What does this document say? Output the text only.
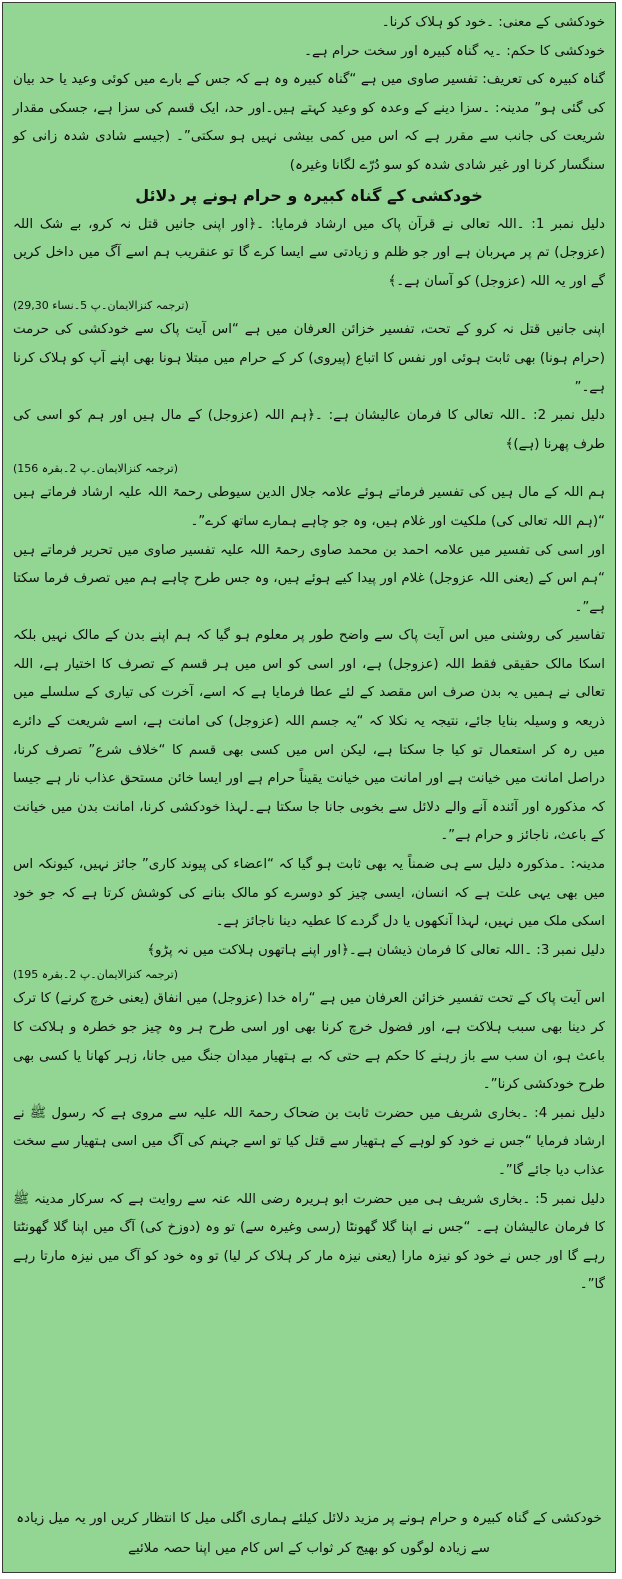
خودکشی کے معنی: ۔خود کو ہلاک کرنا۔

خودکشی کا حکم: ۔یہ گناہ کبیرہ اور سخت حرام ہے۔

گناہ کبیرہ کی تعریف: تفسیر صاوی میں ہے “گناہ کبیرہ وہ ہے کہ جس کے بارے میں کوئی وعید یا حد بیان کی گئی ہو” مدینہ: ۔سزا دینے کے وعدہ کو وعید کہتے ہیں۔اور حد، ایک قسم کی سزا ہے، جسکی مقدار شریعت کی جانب سے مقرر ہے کہ اس میں کمی بیشی نہیں ہو سکتی”۔ (جیسے شادی شدہ زانی کو سنگسار کرنا اور غیر شادی شدہ کو سو دُرّے لگانا وغیرہ)

خودکشی کے گناہ کبیرہ و حرام ہونے پر دلائل

دلیل نمبر 1: ۔اللہ تعالی نے قرآن پاک میں ارشاد فرمایا: ۔﴿اور اپنی جانیں قتل نہ کرو، بے شک اللہ (عزوجل) تم پر مہربان ہے اور جو ظلم و زیادتی سے ایسا کرے گا تو عنقریب ہم اسے آگ میں داخل کریں گے اور یہ اللہ (عزوجل) کو آسان ہے۔﴾

(ترجمہ کنزالایمان۔پ 5۔نساء 29,30)

اپنی جانیں قتل نہ کرو کے تحت، تفسیر خزائن العرفان میں ہے “اس آیت پاک سے خودکشی کی حرمت (حرام ہونا) بھی ثابت ہوئی اور نفس کا اتباع (پیروی) کر کے حرام میں مبتلا ہونا بھی اپنے آپ کو ہلاک کرنا ہے۔”

دلیل نمبر 2: ۔اللہ تعالی کا فرمان عالیشان ہے: ۔﴿ہم اللہ (عزوجل) کے مال ہیں اور ہم کو اسی کی طرف پھرنا (ہے)﴾

(ترجمہ کنزالایمان۔پ 2۔بقرہ 156)

ہم اللہ کے مال ہیں کی تفسیر فرماتے ہوئے علامہ جلال الدین سیوطی رحمۃ اللہ علیہ ارشاد فرماتے ہیں “(ہم اللہ تعالی کی) ملکیت اور غلام ہیں، وہ جو چاہے ہمارے ساتھ کرے”۔

اور اسی کی تفسیر میں علامہ احمد بن محمد صاوی رحمۃ اللہ علیہ تفسیر صاوی میں تحریر فرماتے ہیں “ہم اس کے (یعنی اللہ عزوجل) غلام اور پیدا کیے ہوئے ہیں، وہ جس طرح چاہے ہم میں تصرف فرما سکتا ہے”۔

تفاسیر کی روشنی میں اس آیت پاک سے واضح طور پر معلوم ہو گیا کہ ہم اپنے بدن کے مالک نہیں بلکہ اسکا مالک حقیقی فقط اللہ (عزوجل) ہے، اور اسی کو اس میں ہر قسم کے تصرف کا اختیار ہے، اللہ تعالی نے ہمیں یہ بدن صرف اس مقصد کے لئے عطا فرمایا ہے کہ اسے، آخرت کی تیاری کے سلسلے میں ذریعہ و وسیلہ بنایا جائے، نتیجہ یہ نکلا کہ “یہ جسم اللہ (عزوجل) کی امانت ہے، اسے شریعت کے دائرے میں رہ کر استعمال تو کیا جا سکتا ہے، لیکن اس میں کسی بھی قسم کا “خلاف شرع” تصرف کرنا، دراصل امانت میں خیانت ہے اور امانت میں خیانت یقیناً حرام ہے اور ایسا خائن مستحق عذاب نار ہے جیسا کہ مذکورہ اور آئندہ آنے والے دلائل سے بخوبی جانا جا سکتا ہے۔لہذا خودکشی کرنا، امانت بدن میں خیانت کے باعث، ناجائز و حرام ہے”۔

مدینہ: ۔مذکورہ دلیل سے ہی ضمناً یہ بھی ثابت ہو گیا کہ “اعضاء کی پیوند کاری” جائز نہیں، کیونکہ اس میں بھی یہی علت ہے کہ انسان، ایسی چیز کو دوسرے کو مالک بنانے کی کوشش کرتا ہے کہ جو خود اسکی ملک میں نہیں، لہذا آنکھوں یا دل گردے کا عطیہ دینا ناجائز ہے۔

دلیل نمبر 3: ۔اللہ تعالی کا فرمان ذیشان ہے۔﴿اور اپنے ہاتھوں ہلاکت میں نہ پڑو﴾

(ترجمہ کنزالایمان۔پ 2۔بقرہ 195)

اس آیت پاک کے تحت تفسیر خزائن العرفان میں ہے “راہ خدا (عزوجل) میں انفاق (یعنی خرچ کرنے) کا ترک کر دینا بھی سبب ہلاکت ہے، اور فضول خرچ کرنا بھی اور اسی طرح ہر وہ چیز جو خطرہ و ہلاکت کا باعث ہو، ان سب سے باز رہنے کا حکم ہے حتی کہ بے ہتھیار میدان جنگ میں جانا، زہر کھانا یا کسی بھی طرح خودکشی کرنا”۔

دلیل نمبر 4: ۔بخاری شریف میں حضرت ثابت بن ضحاک رحمۃ اللہ علیہ سے مروی ہے کہ رسول ﷺ نے ارشاد فرمایا “جس نے خود کو لوہے کے ہتھیار سے قتل کیا تو اسے جہنم کی آگ میں اسی ہتھیار سے سخت عذاب دیا جائے گا”۔

دلیل نمبر 5: ۔بخاری شریف ہی میں حضرت ابو ہریرہ رضی اللہ عنہ سے روایت ہے کہ سرکار مدینہ ﷺ کا فرمان عالیشان ہے۔ “جس نے اپنا گلا گھونٹا (رسی وغیرہ سے) تو وہ (دوزخ کی) آگ میں اپنا گلا گھونٹتا رہے گا اور جس نے خود کو نیزہ مارا (یعنی نیزہ مار کر ہلاک کر لیا) تو وہ خود کو آگ میں نیزہ مارتا رہے گا”۔

خودکشی کے گناہ کبیرہ و حرام ہونے پر مزید دلائل کیلئے ہماری اگلی میل کا انتظار کریں اور یہ میل زیادہ سے زیادہ لوگوں کو بھیج کر ثواب کے اس کام میں اپنا حصہ ملائیے
